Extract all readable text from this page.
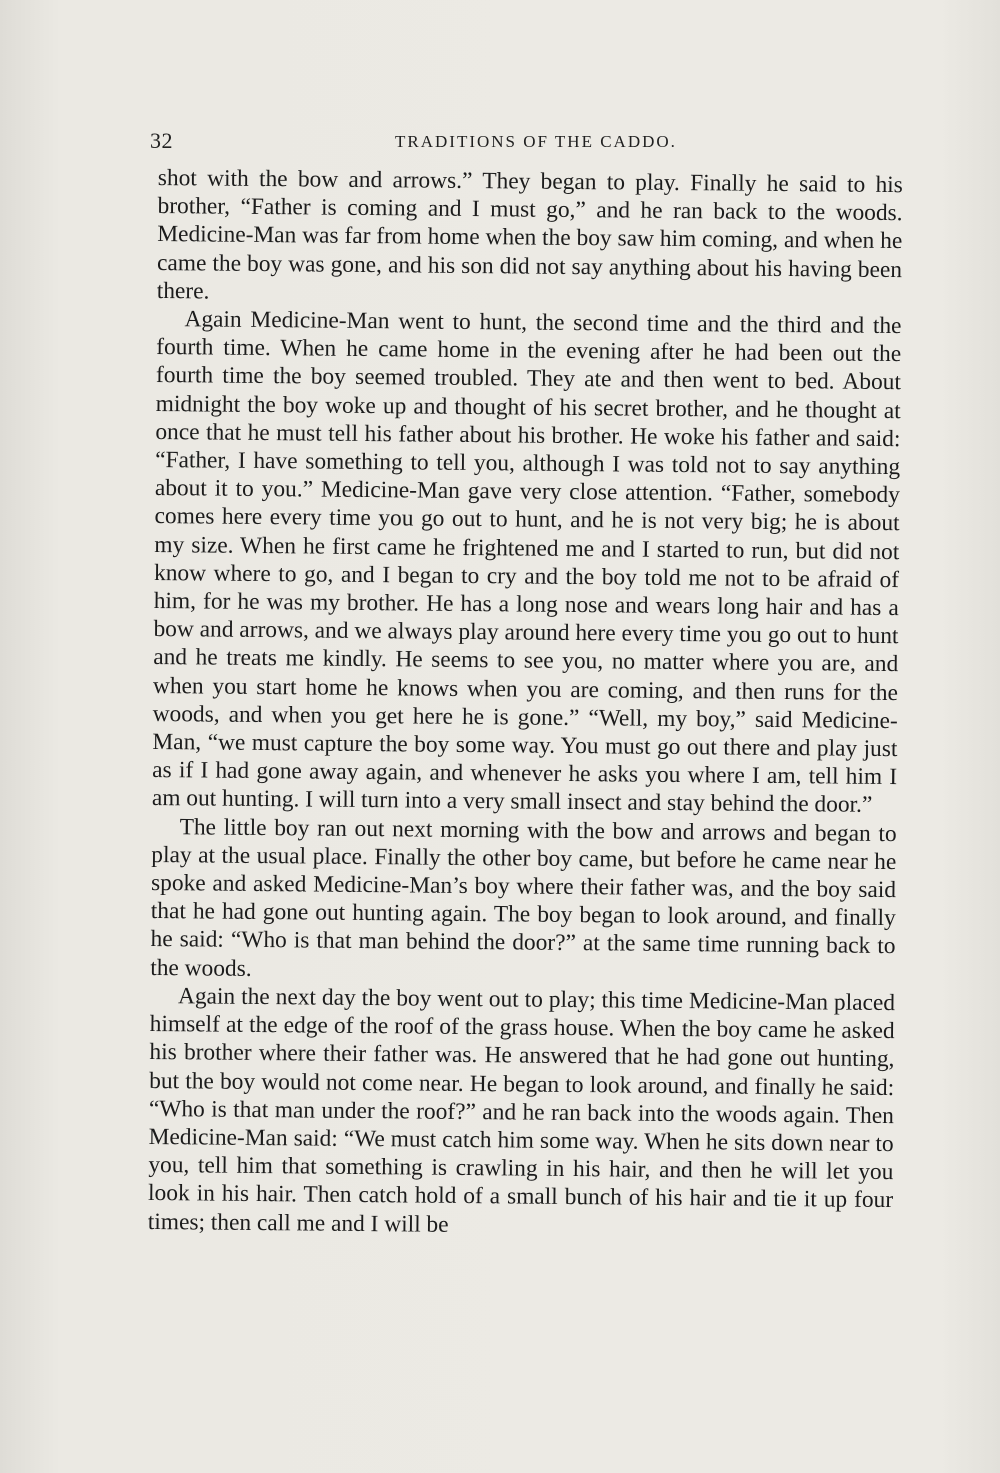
32	TRADITIONS OF THE CADDO.

shot with the bow and arrows.” They began to play. Finally he said to his brother, “Father is coming and I must go,” and he ran back to the woods. Medicine-Man was far from home when the boy saw him coming, and when he came the boy was gone, and his son did not say anything about his having been there.

Again Medicine-Man went to hunt, the second time and the third and the fourth time. When he came home in the evening after he had been out the fourth time the boy seemed troubled. They ate and then went to bed. About midnight the boy woke up and thought of his secret brother, and he thought at once that he must tell his father about his brother. He woke his father and said: “Father, I have something to tell you, although I was told not to say anything about it to you.” Medicine-Man gave very close attention. “Father, somebody comes here every time you go out to hunt, and he is not very big; he is about my size. When he first came he frightened me and I started to run, but did not know where to go, and I began to cry and the boy told me not to be afraid of him, for he was my brother. He has a long nose and wears long hair and has a bow and arrows, and we always play around here every time you go out to hunt and he treats me kindly. He seems to see you, no matter where you are, and when you start home he knows when you are coming, and then runs for the woods, and when you get here he is gone.” “Well, my boy,” said Medicine-Man, “we must capture the boy some way. You must go out there and play just as if I had gone away again, and whenever he asks you where I am, tell him I am out hunting. I will turn into a very small insect and stay behind the door.”

The little boy ran out next morning with the bow and arrows and began to play at the usual place. Finally the other boy came, but before he came near he spoke and asked Medicine-Man’s boy where their father was, and the boy said that he had gone out hunting again. The boy began to look around, and finally he said: “Who is that man behind the door?” at the same time running back to the woods.

Again the next day the boy went out to play; this time Medicine-Man placed himself at the edge of the roof of the grass house. When the boy came he asked his brother where their father was. He answered that he had gone out hunting, but the boy would not come near. He began to look around, and finally he said: “Who is that man under the roof?” and he ran back into the woods again. Then Medicine-Man said: “We must catch him some way. When he sits down near to you, tell him that something is crawling in his hair, and then he will let you look in his hair. Then catch hold of a small bunch of his hair and tie it up four times; then call me and I will be
